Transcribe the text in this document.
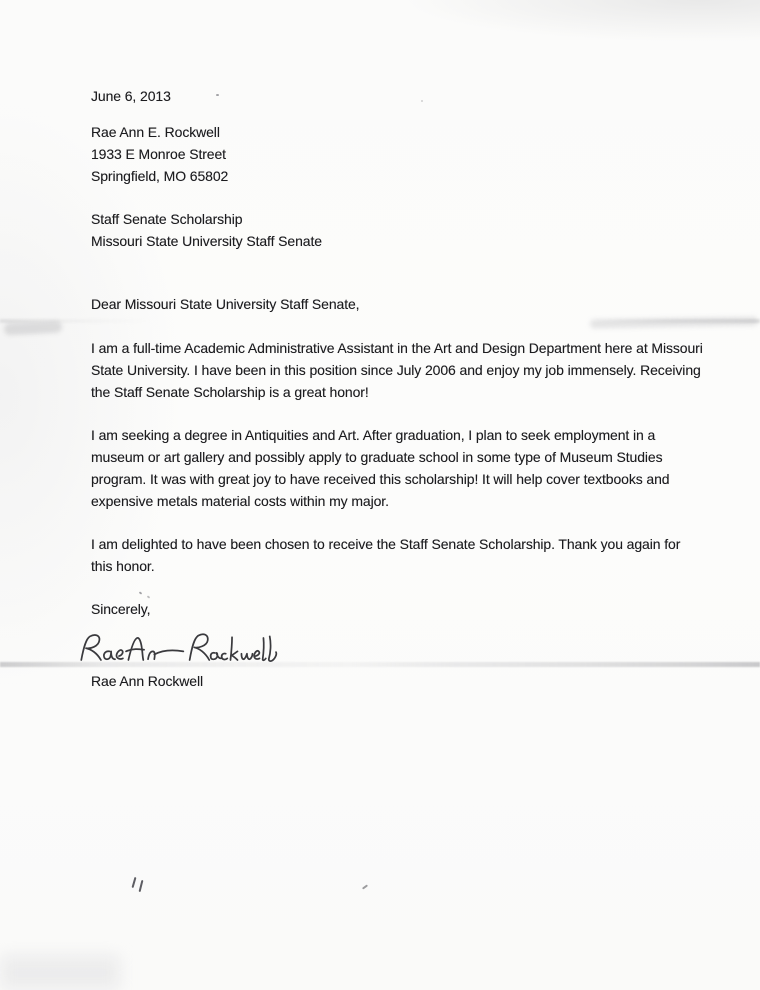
June 6, 2013

Rae Ann E. Rockwell
1933 E Monroe Street
Springfield, MO 65802
Staff Senate Scholarship
Missouri State University Staff Senate

Dear Missouri State University Staff Senate,

I am a full-time Academic Administrative Assistant in the Art and Design Department here at Missouri State University. I have been in this position since July 2006 and enjoy my job immensely. Receiving the Staff Senate Scholarship is a great honor!

I am seeking a degree in Antiquities and Art. After graduation, I plan to seek employment in a museum or art gallery and possibly apply to graduate school in some type of Museum Studies program. It was with great joy to have received this scholarship! It will help cover textbooks and expensive metals material costs within my major.

I am delighted to have been chosen to receive the Staff Senate Scholarship. Thank you again for this honor.

Sincerely,

Rae Ann Rockwell
